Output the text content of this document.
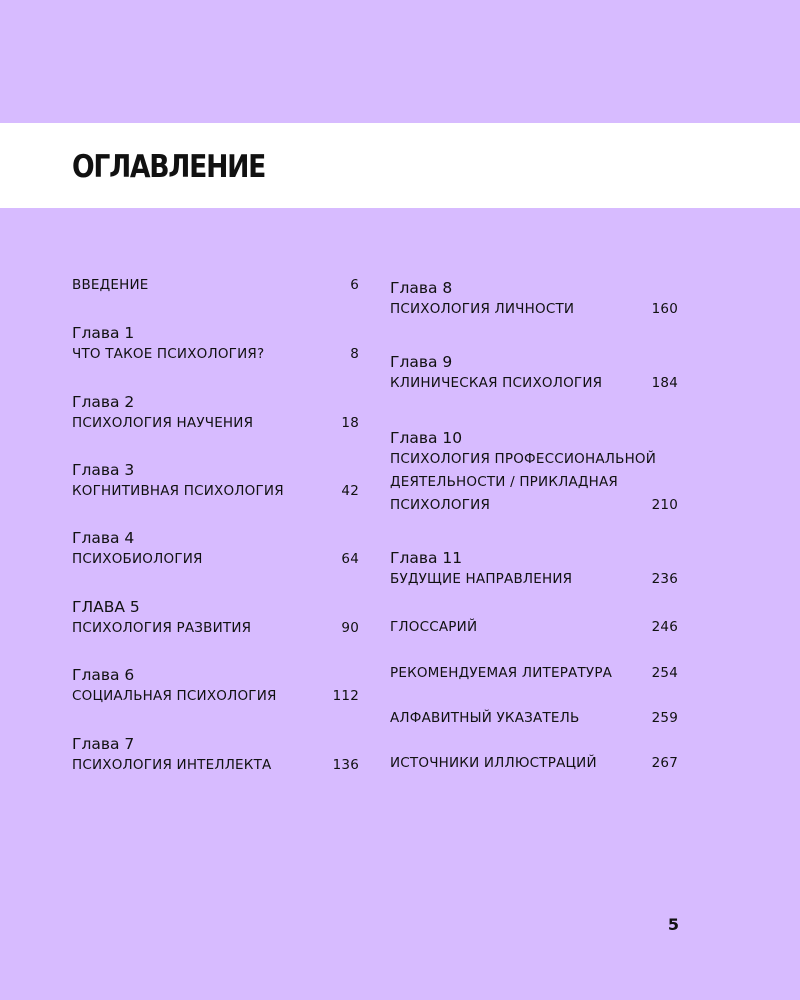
ОГЛАВЛЕНИЕ
ВВЕДЕНИЕ	6
Глава 1
ЧТО ТАКОЕ ПСИХОЛОГИЯ?	8
Глава 2
ПСИХОЛОГИЯ НАУЧЕНИЯ	18
Глава 3
КОГНИТИВНАЯ ПСИХОЛОГИЯ	42
Глава 4
ПСИХОБИОЛОГИЯ	64
ГЛАВА 5
ПСИХОЛОГИЯ РАЗВИТИЯ	90
Глава 6
СОЦИАЛЬНАЯ ПСИХОЛОГИЯ	112
Глава 7
ПСИХОЛОГИЯ ИНТЕЛЛЕКТА	136
Глава 8
ПСИХОЛОГИЯ ЛИЧНОСТИ	160
Глава 9
КЛИНИЧЕСКАЯ ПСИХОЛОГИЯ	184
Глава 10
ПСИХОЛОГИЯ ПРОФЕССИОНАЛЬНОЙ
ДЕЯТЕЛЬНОСТИ / ПРИКЛАДНАЯ
ПСИХОЛОГИЯ	210
Глава 11
БУДУЩИЕ НАПРАВЛЕНИЯ	236
ГЛОССАРИЙ	246
РЕКОМЕНДУЕМАЯ ЛИТЕРАТУРА	254
АЛФАВИТНЫЙ УКАЗАТЕЛЬ	259
ИСТОЧНИКИ ИЛЛЮСТРАЦИЙ	267
5
